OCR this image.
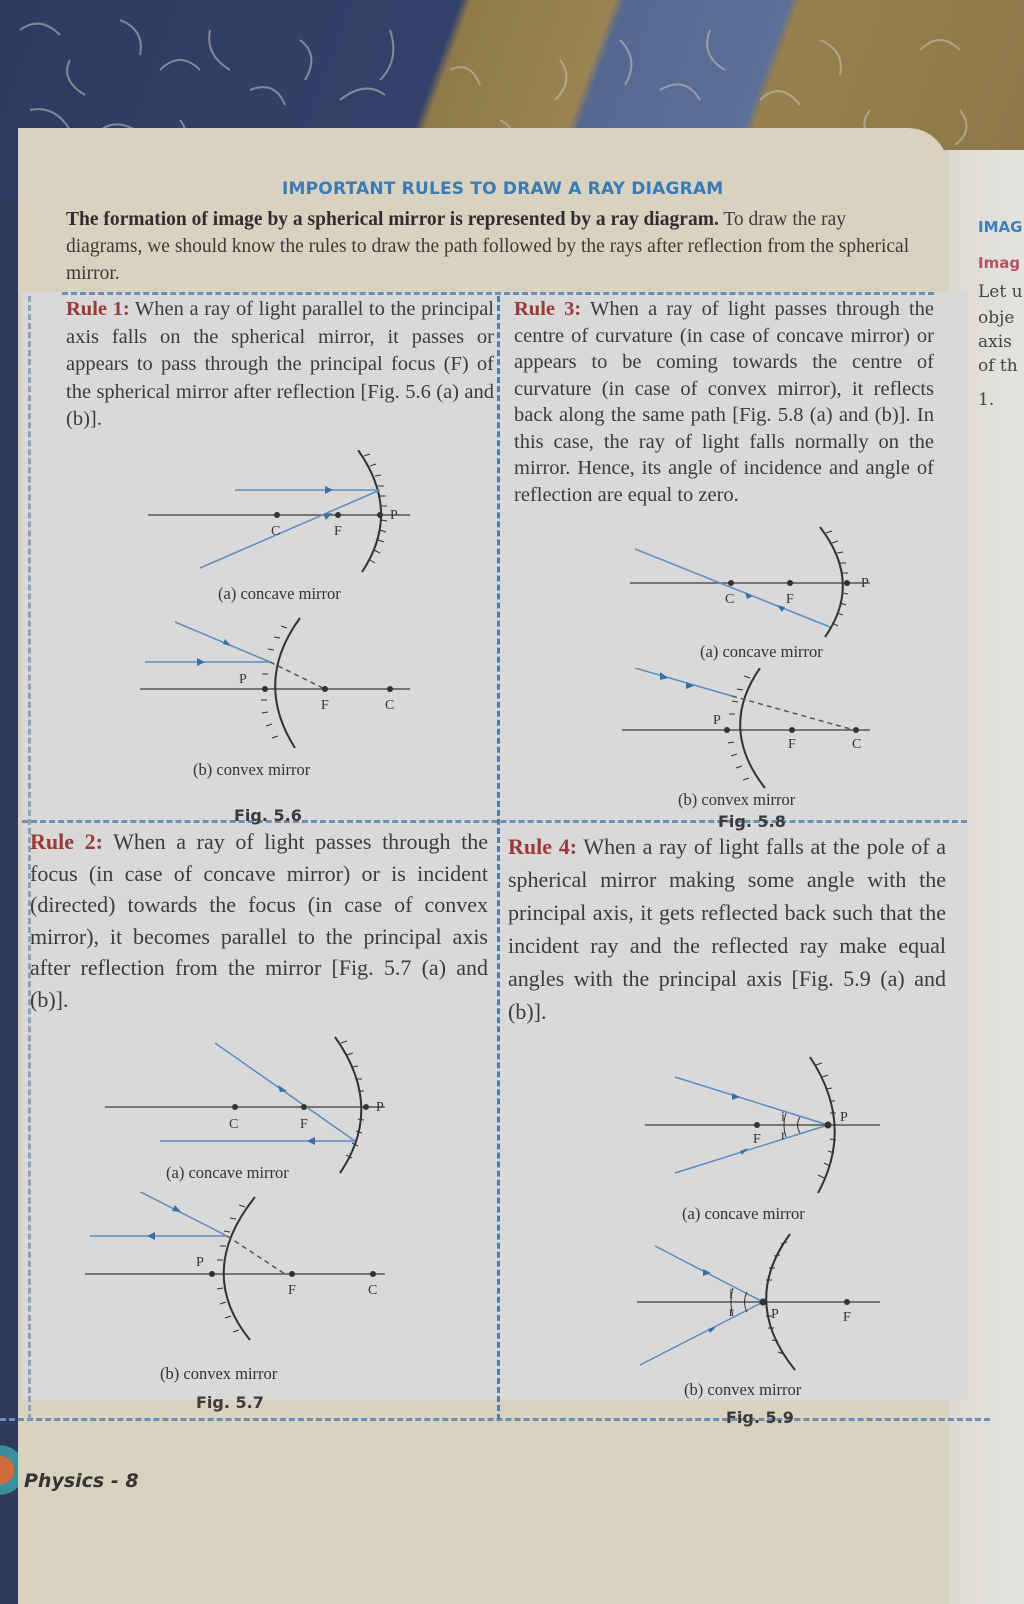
IMAG
Imag
Let u
obje
axis
of th
1.
IMPORTANT RULES TO DRAW A RAY DIAGRAM
The formation of image by a spherical mirror is represented by a ray diagram. To draw the ray diagrams, we should know the rules to draw the path followed by the rays after reflection from the spherical mirror.
Rule 1: When a ray of light parallel to the principal axis falls on the spherical mirror, it passes or appears to pass through the principal focus (F) of the spherical mirror after reflection [Fig. 5.6 (a) and (b)].
Rule 3: When a ray of light passes through the centre of curvature (in case of concave mirror) or appears to be coming towards the centre of curvature (in case of convex mirror), it reflects back along the same path [Fig. 5.8 (a) and (b)]. In this case, the ray of light falls normally on the mirror. Hence, its angle of incidence and angle of reflection are equal to zero.
C	F
P
(a) concave mirror
P
F	C
(b) convex mirror
Fig. 5.6
C	F
P
(a) concave mirror
P
F	C
(b) convex mirror
Fig. 5.8
Rule 2: When a ray of light passes through the focus (in case of concave mirror) or is incident (directed) towards the focus (in case of convex mirror), it becomes parallel to the principal axis after reflection from the mirror [Fig. 5.7 (a) and (b)].
Rule 4: When a ray of light falls at the pole of a spherical mirror making some angle with the principal axis, it gets reflected back such that the incident ray and the reflected ray make equal angles with the principal axis [Fig. 5.9 (a) and (b)].
C	F
P
(a) concave mirror
P
F	C
(b) convex mirror
Fig. 5.7
F
i
r
P
(a) concave mirror
i
r	P	F
(b) convex mirror
Fig. 5.9
Physics - 8
